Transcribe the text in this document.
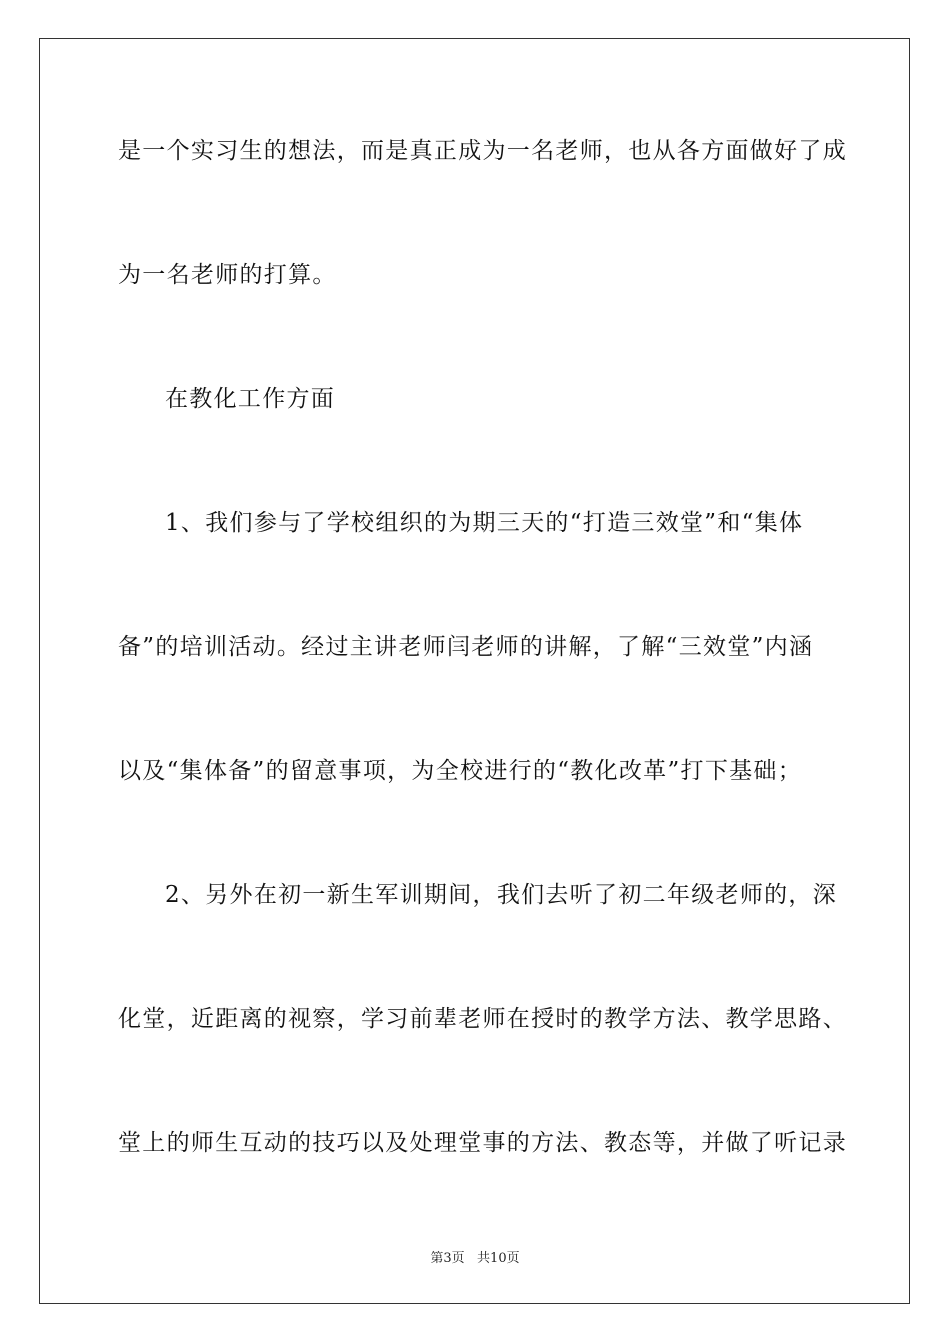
是一个实习生的想法，而是真正成为一名老师，也从各方面做好了成
为一名老师的打算。
在教化工作方面
1、我们参与了学校组织的为期三天的“打造三效堂”和“集体
备”的培训活动。经过主讲老师闫老师的讲解，了解“三效堂”内涵
以及“集体备”的留意事项，为全校进行的“教化改革”打下基础；
2、另外在初一新生军训期间，我们去听了初二年级老师的，深
化堂，近距离的视察，学习前辈老师在授时的教学方法、教学思路、
堂上的师生互动的技巧以及处理堂事的方法、教态等，并做了听记录
第3页   共10页
